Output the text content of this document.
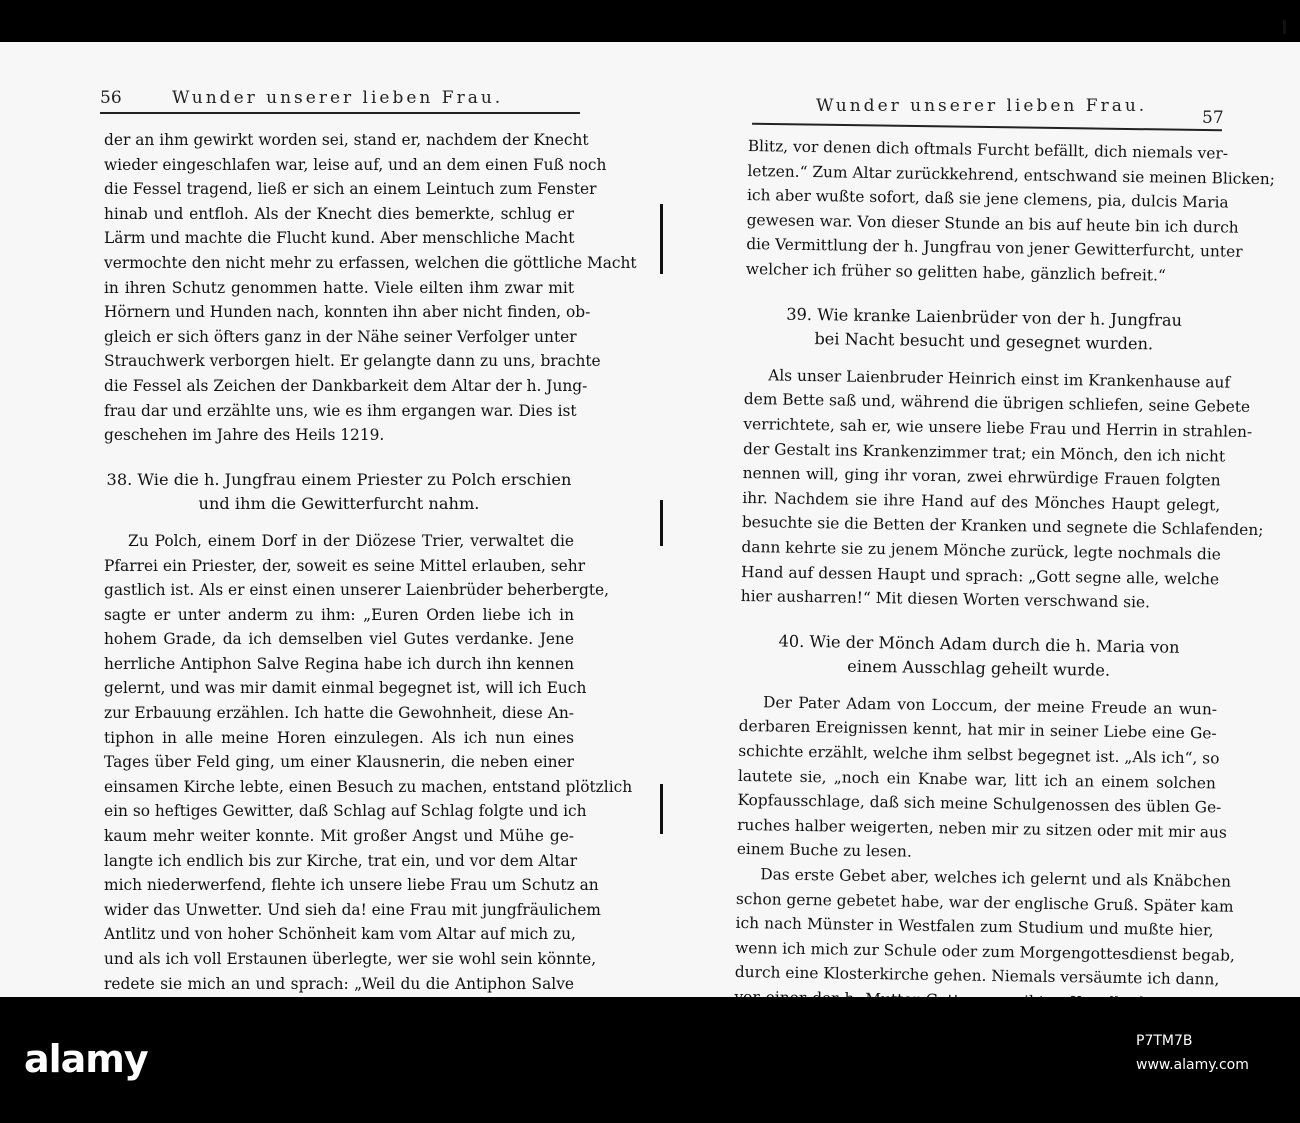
56	Wunder unserer lieben Frau.
der an ihm gewirkt worden sei, stand er, nachdem der Knecht
wieder eingeschlafen war, leise auf, und an dem einen Fuß noch
die Fessel tragend, ließ er sich an einem Leintuch zum Fenster
hinab und entfloh. Als der Knecht dies bemerkte, schlug er
Lärm und machte die Flucht kund. Aber menschliche Macht
vermochte den nicht mehr zu erfassen, welchen die göttliche Macht
in ihren Schutz genommen hatte. Viele eilten ihm zwar mit
Hörnern und Hunden nach, konnten ihn aber nicht finden, ob-
gleich er sich öfters ganz in der Nähe seiner Verfolger unter
Strauchwerk verborgen hielt. Er gelangte dann zu uns, brachte
die Fessel als Zeichen der Dankbarkeit dem Altar der h. Jung-
frau dar und erzählte uns, wie es ihm ergangen war. Dies ist
geschehen im Jahre des Heils 1219.
38. Wie die h. Jungfrau einem Priester zu Polch erschien
und ihm die Gewitterfurcht nahm.
Zu Polch, einem Dorf in der Diözese Trier, verwaltet die
Pfarrei ein Priester, der, soweit es seine Mittel erlauben, sehr
gastlich ist. Als er einst einen unserer Laienbrüder beherbergte,
sagte er unter anderm zu ihm: „Euren Orden liebe ich in
hohem Grade, da ich demselben viel Gutes verdanke. Jene
herrliche Antiphon Salve Regina habe ich durch ihn kennen
gelernt, und was mir damit einmal begegnet ist, will ich Euch
zur Erbauung erzählen. Ich hatte die Gewohnheit, diese An-
tiphon in alle meine Horen einzulegen. Als ich nun eines
Tages über Feld ging, um einer Klausnerin, die neben einer
einsamen Kirche lebte, einen Besuch zu machen, entstand plötzlich
ein so heftiges Gewitter, daß Schlag auf Schlag folgte und ich
kaum mehr weiter konnte. Mit großer Angst und Mühe ge-
langte ich endlich bis zur Kirche, trat ein, und vor dem Altar
mich niederwerfend, flehte ich unsere liebe Frau um Schutz an
wider das Unwetter. Und sieh da! eine Frau mit jungfräulichem
Antlitz und von hoher Schönheit kam vom Altar auf mich zu,
und als ich voll Erstaunen überlegte, wer sie wohl sein könnte,
redete sie mich an und sprach: „Weil du die Antiphon Salve
Wunder unserer lieben Frau.
57
Blitz, vor denen dich oftmals Furcht befällt, dich niemals ver-
letzen.“ Zum Altar zurückkehrend, entschwand sie meinen Blicken;
ich aber wußte sofort, daß sie jene clemens, pia, dulcis Maria
gewesen war. Von dieser Stunde an bis auf heute bin ich durch
die Vermittlung der h. Jungfrau von jener Gewitterfurcht, unter
welcher ich früher so gelitten habe, gänzlich befreit.“
39. Wie kranke Laienbrüder von der h. Jungfrau
bei Nacht besucht und gesegnet wurden.
Als unser Laienbruder Heinrich einst im Krankenhause auf
dem Bette saß und, während die übrigen schliefen, seine Gebete
verrichtete, sah er, wie unsere liebe Frau und Herrin in strahlen-
der Gestalt ins Krankenzimmer trat; ein Mönch, den ich nicht
nennen will, ging ihr voran, zwei ehrwürdige Frauen folgten
ihr. Nachdem sie ihre Hand auf des Mönches Haupt gelegt,
besuchte sie die Betten der Kranken und segnete die Schlafenden;
dann kehrte sie zu jenem Mönche zurück, legte nochmals die
Hand auf dessen Haupt und sprach: „Gott segne alle, welche
hier ausharren!“ Mit diesen Worten verschwand sie.
40. Wie der Mönch Adam durch die h. Maria von
einem Ausschlag geheilt wurde.
Der Pater Adam von Loccum, der meine Freude an wun-
derbaren Ereignissen kennt, hat mir in seiner Liebe eine Ge-
schichte erzählt, welche ihm selbst begegnet ist. „Als ich“, so
lautete sie, „noch ein Knabe war, litt ich an einem solchen
Kopfausschlage, daß sich meine Schulgenossen des üblen Ge-
ruches halber weigerten, neben mir zu sitzen oder mit mir aus
einem Buche zu lesen.
Das erste Gebet aber, welches ich gelernt und als Knäbchen
schon gerne gebetet habe, war der englische Gruß. Später kam
ich nach Münster in Westfalen zum Studium und mußte hier,
wenn ich mich zur Schule oder zum Morgengottesdienst begab,
durch eine Klosterkirche gehen. Niemals versäumte ich dann,
alamy	P7TM7B
www.alamy.com
